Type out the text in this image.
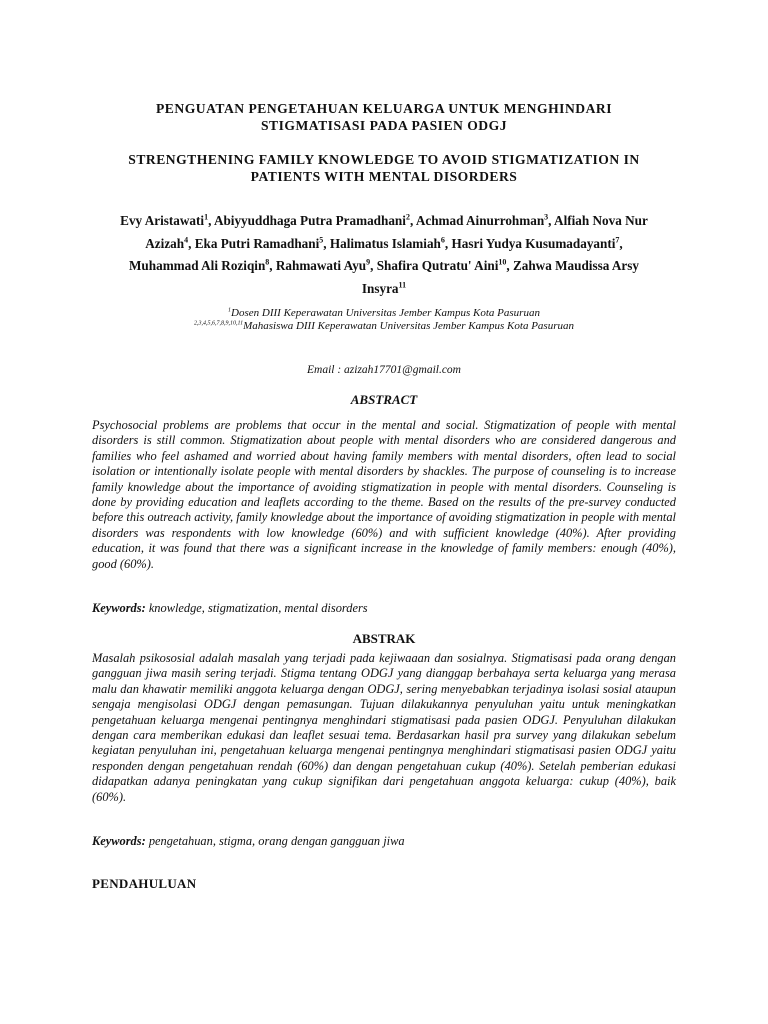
PENGUATAN PENGETAHUAN KELUARGA UNTUK MENGHINDARI
STIGMATISASI PADA PASIEN ODGJ

STRENGTHENING FAMILY KNOWLEDGE TO AVOID STIGMATIZATION IN
PATIENTS WITH MENTAL DISORDERS

Evy Aristawati$^1$, Abiyyuddhaga Putra Pramadhani$^2$, Achmad Ainurrohman$^3$, Alfiah Nova Nur Azizah$^4$, Eka Putri Ramadhani$^5$, Halimatus Islamiah$^6$, Hasri Yudya Kusumadayanti$^7$, Muhammad Ali Roziqin$^8$, Rahmawati Ayu$^9$, Shafira Qutratu' Aini$^{10}$, Zahwa Maudissa Arsy Insyra$^{11}$
$^1$Dosen DIII Keperawatan Universitas Jember Kampus Kota Pasuruan
$^{2,3,4,5,6,7,8,9,10,11}$Mahasiswa DIII Keperawatan Universitas Jember Kampus Kota Pasuruan
Email : azizah17701@gmail.com
ABSTRACT

Psychosocial problems are problems that occur in the mental and social. Stigmatization of people with mental disorders is still common. Stigmatization about people with mental disorders who are considered dangerous and families who feel ashamed and worried about having family members with mental disorders, often lead to social isolation or intentionally isolate people with mental disorders by shackles. The purpose of counseling is to increase family knowledge about the importance of avoiding stigmatization in people with mental disorders. Counseling is done by providing education and leaflets according to the theme. Based on the results of the pre-survey conducted before this outreach activity, family knowledge about the importance of avoiding stigmatization in people with mental disorders was respondents with low knowledge (60%) and with sufficient knowledge (40%). After providing education, it was found that there was a significant increase in the knowledge of family members: enough (40%), good (60%).

Keywords: knowledge, stigmatization, mental disorders
ABSTRAK

Masalah psikososial adalah masalah yang terjadi pada kejiwaaan dan sosialnya. Stigmatisasi pada orang dengan gangguan jiwa masih sering terjadi. Stigma tentang ODGJ yang dianggap berbahaya serta keluarga yang merasa malu dan khawatir memiliki anggota keluarga dengan ODGJ, sering menyebabkan terjadinya isolasi sosial ataupun sengaja mengisolasi ODGJ dengan pemasungan. Tujuan dilakukannya penyuluhan yaitu untuk meningkatkan pengetahuan keluarga mengenai pentingnya menghindari stigmatisasi pada pasien ODGJ. Penyuluhan dilakukan dengan cara memberikan edukasi dan leaflet sesuai tema. Berdasarkan hasil pra survey yang dilakukan sebelum kegiatan penyuluhan ini, pengetahuan keluarga mengenai pentingnya menghindari stigmatisasi pasien ODGJ yaitu responden dengan pengetahuan rendah (60%) dan dengan pengetahuan cukup (40%). Setelah pemberian edukasi didapatkan adanya peningkatan yang cukup signifikan dari pengetahuan anggota keluarga: cukup (40%), baik (60%).

Keywords: pengetahuan, stigma, orang dengan gangguan jiwa
PENDAHULUAN
